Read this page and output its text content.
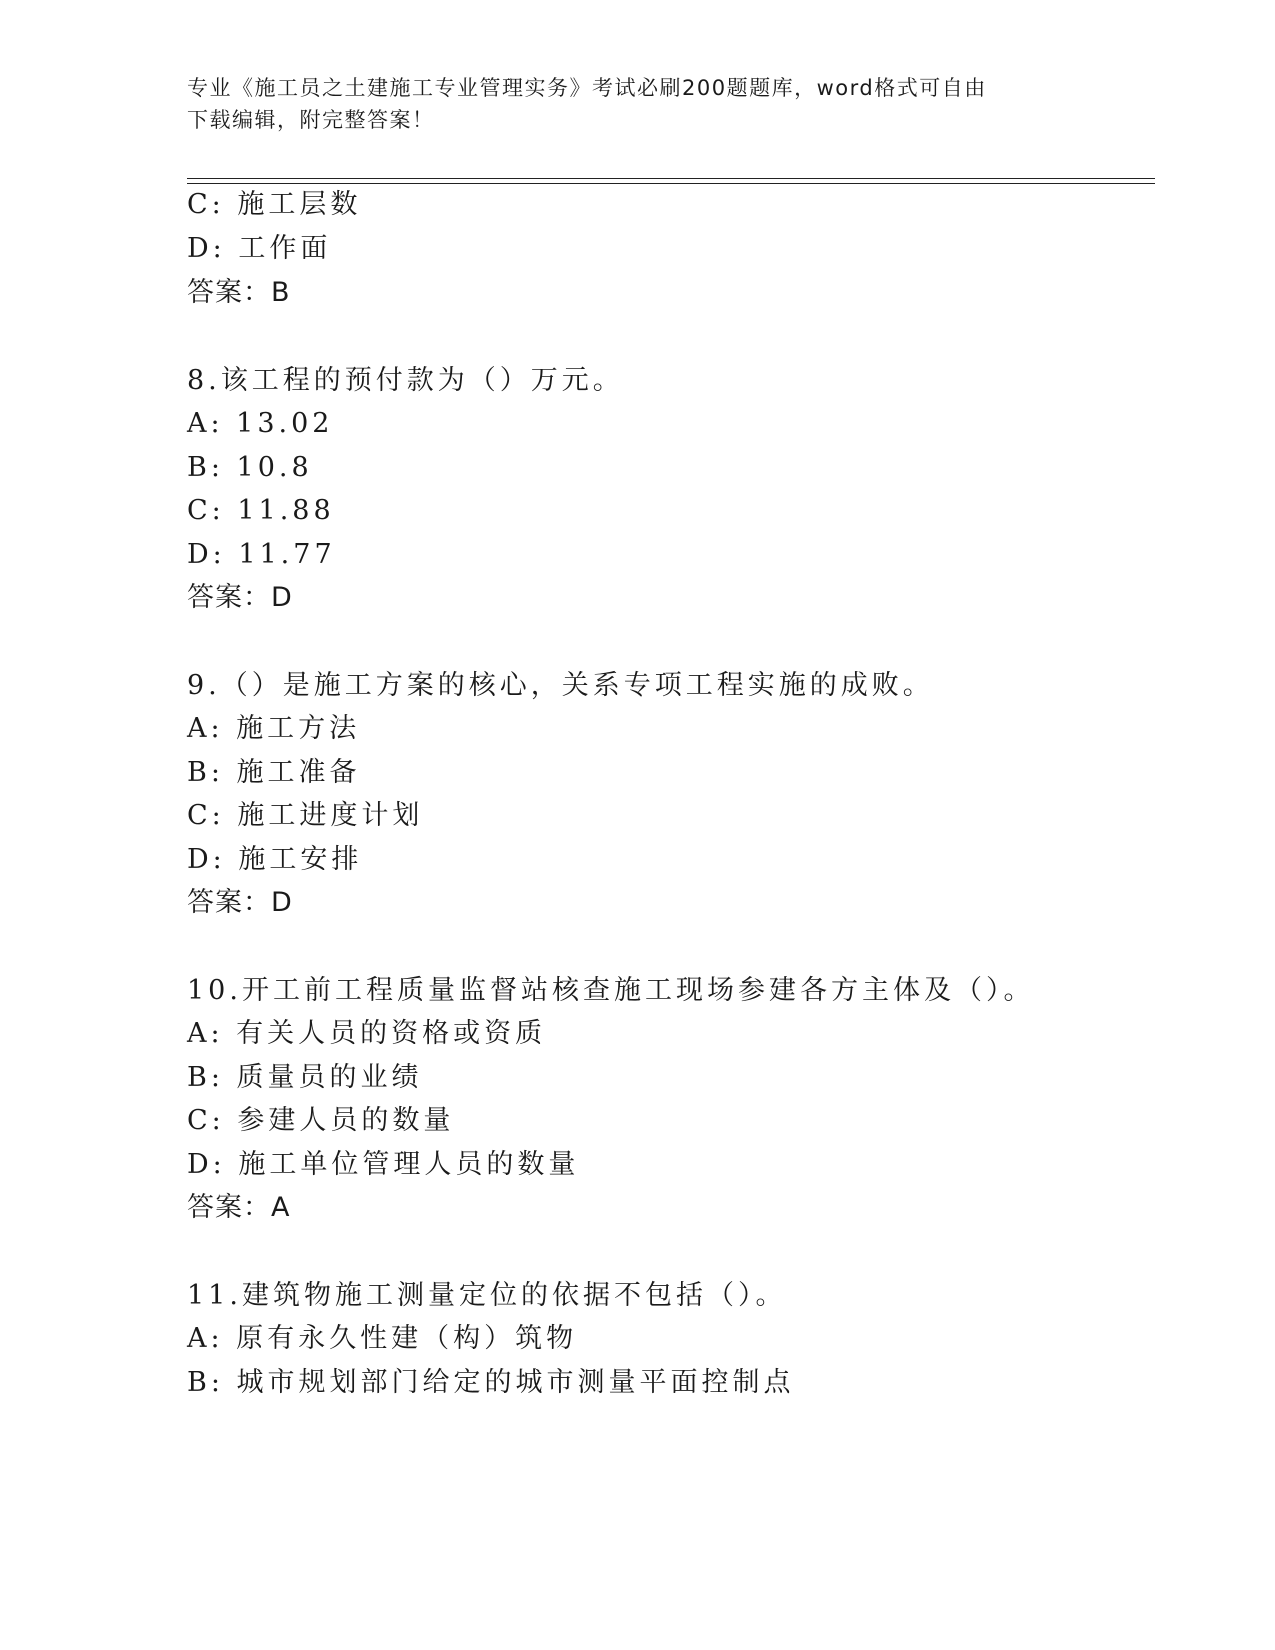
专业《施工员之土建施工专业管理实务》考试必刷200题题库，word格式可自由
下载编辑，附完整答案！
C: 施工层数
D: 工作面
答案：B
8.该工程的预付款为（）万元。
A: 13.02
B: 10.8
C: 11.88
D: 11.77
答案：D
9.（）是施工方案的核心，关系专项工程实施的成败。
A: 施工方法
B: 施工准备
C: 施工进度计划
D: 施工安排
答案：D
10.开工前工程质量监督站核查施工现场参建各方主体及（）。
A: 有关人员的资格或资质
B: 质量员的业绩
C: 参建人员的数量
D: 施工单位管理人员的数量
答案：A
11.建筑物施工测量定位的依据不包括（）。
A: 原有永久性建（构）筑物
B: 城市规划部门给定的城市测量平面控制点
